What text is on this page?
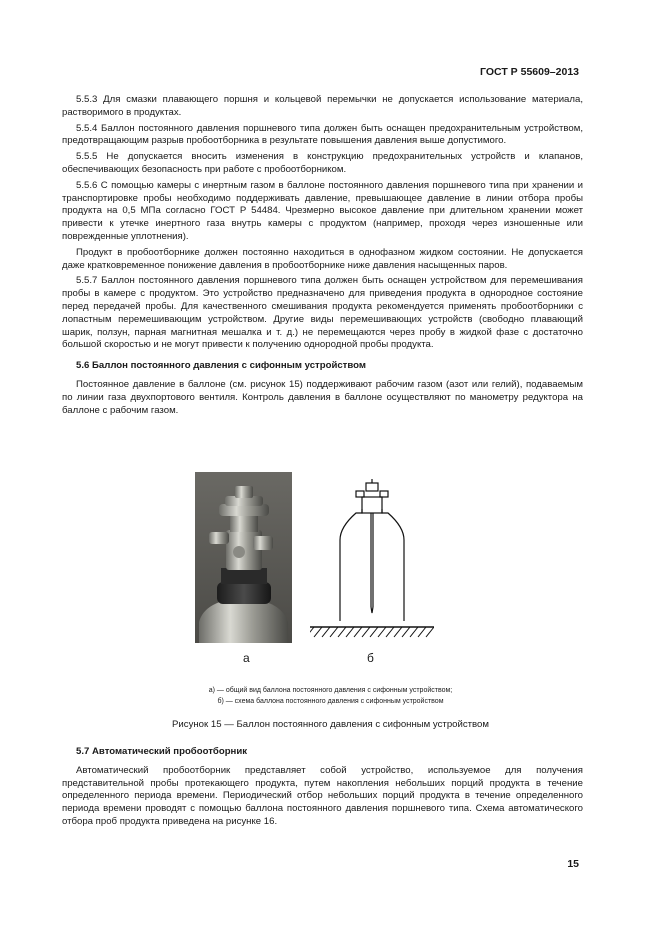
ГОСТ Р 55609–2013

5.5.3 Для смазки плавающего поршня и кольцевой перемычки не допускается использование материала, растворимого в продуктах.

5.5.4 Баллон постоянного давления поршневого типа должен быть оснащен предохранительным устройством, предотвращающим разрыв пробоотборника в результате повышения давления выше допустимого.

5.5.5 Не допускается вносить изменения в конструкцию предохранительных устройств и клапанов, обеспечивающих безопасность при работе с пробоотборником.

5.5.6 С помощью камеры с инертным газом в баллоне постоянного давления поршневого типа при хранении и транспортировке пробы необходимо поддерживать давление, превышающее давление в линии отбора пробы продукта на 0,5 МПа согласно ГОСТ Р 54484. Чрезмерно высокое давление при длительном хранении может привести к утечке инертного газа внутрь камеры с продуктом (например, проходя через изношенные или поврежденные уплотнения).

Продукт в пробоотборнике должен постоянно находиться в однофазном жидком состоянии. Не допускается даже кратковременное понижение давления в пробоотборнике ниже давления насыщенных паров.

5.5.7 Баллон постоянного давления поршневого типа должен быть оснащен устройством для перемешивания пробы в камере с продуктом. Это устройство предназначено для приведения продукта в однородное состояние перед передачей пробы. Для качественного смешивания продукта рекомендуется применять пробоотборники с лопастным перемешивающим устройством. Другие виды перемешивающих устройств (свободно плавающий шарик, ползун, парная магнитная мешалка и т. д.) не перемещаются через пробу в жидкой фазе с достаточно большой скоростью и не могут привести к получению однородной пробы продукта.

5.6 Баллон постоянного давления с сифонным устройством

Постоянное давление в баллоне (см. рисунок 15) поддерживают рабочим газом (азот или гелий), подаваемым по линии газа двухпортового вентиля. Контроль давления в баллоне осуществляют по манометру редуктора на баллоне с рабочим газом.

а	б
а) — общий вид баллона постоянного давления с сифонным устройством;
б) — схема баллона постоянного давления с сифонным устройством
Рисунок 15 — Баллон постоянного давления с сифонным устройством
5.7 Автоматический пробоотборник

Автоматический пробоотборник представляет собой устройство, используемое для получения представительной пробы протекающего продукта, путем накопления небольших порций продукта в течение определенного периода времени. Периодический отбор небольших порций продукта в течение определенного периода времени проводят с помощью баллона постоянного давления поршневого типа. Схема автоматического отбора проб продукта приведена на рисунке 16.

15
